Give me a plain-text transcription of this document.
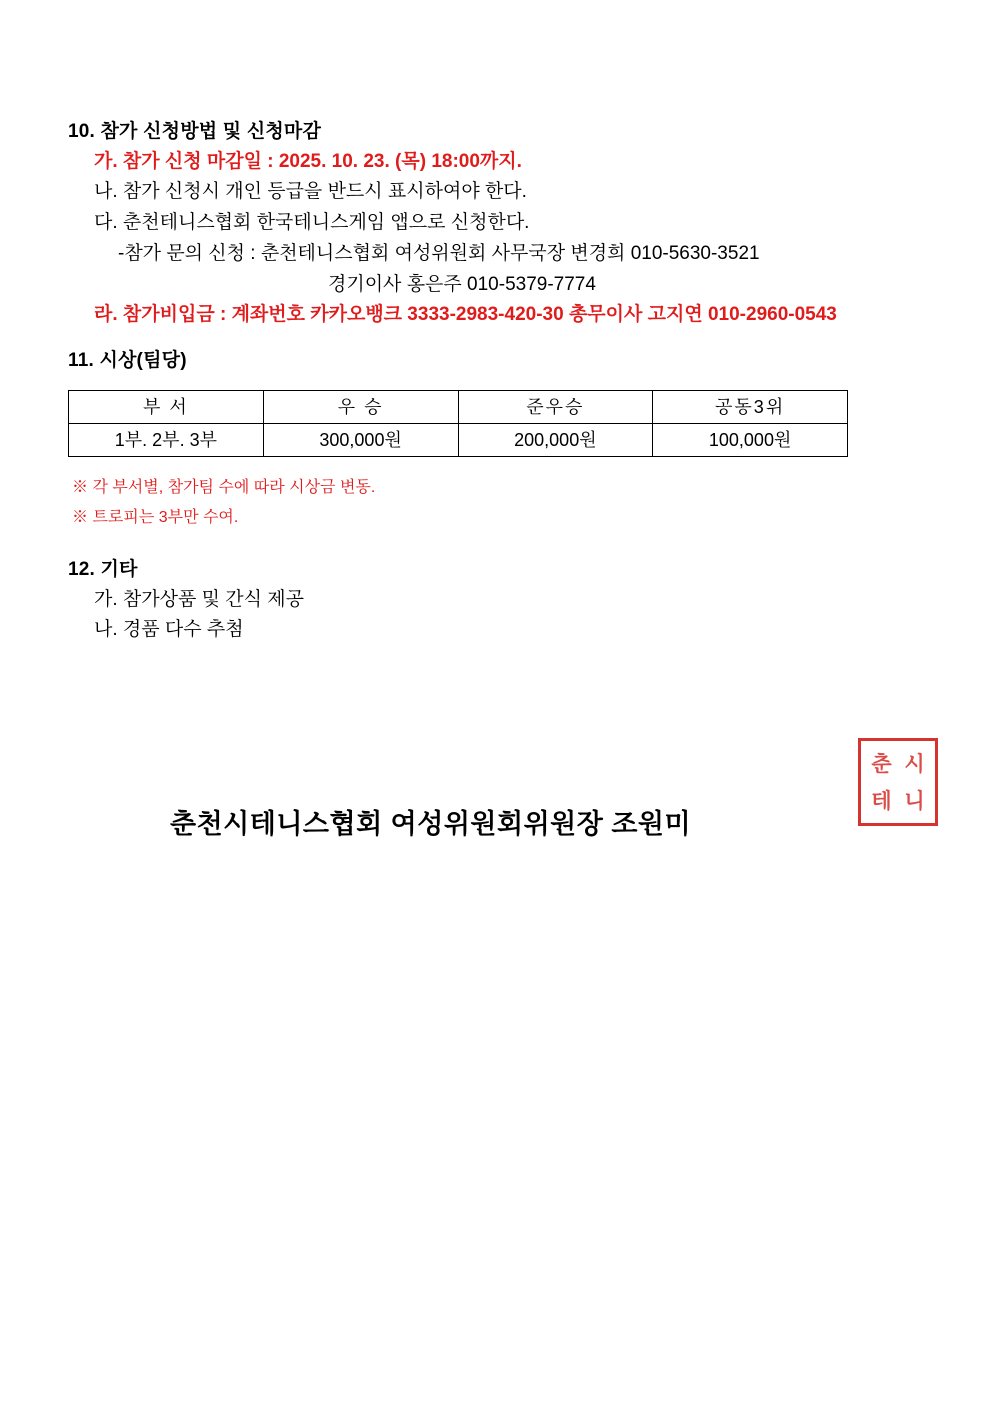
10. 참가 신청방법 및 신청마감
가. 참가 신청 마감일 : 2025. 10. 23. (목) 18:00까지.
나. 참가 신청시 개인 등급을 반드시 표시하여야 한다.
다. 춘천테니스협회 한국테니스게임 앱으로 신청한다.
-참가 문의 신청 : 춘천테니스협회 여성위원회 사무국장 변경희 010-5630-3521
경기이사 홍은주 010-5379-7774
라. 참가비입금 : 계좌번호 카카오뱅크 3333-2983-420-30 총무이사 고지연 010-2960-0543
11. 시상(팀당)
부 서	우 승	준우승	공동3위
1부. 2부. 3부	300,000원	200,000원	100,000원
※ 각 부서별, 참가팀 수에 따라 시상금 변동.
※ 트로피는 3부만 수여.
12. 기타
가. 참가상품 및 간식 제공
나. 경품 다수 추첨
춘천시테니스협회 여성위원회위원장 조원미
춘 시
테 니
